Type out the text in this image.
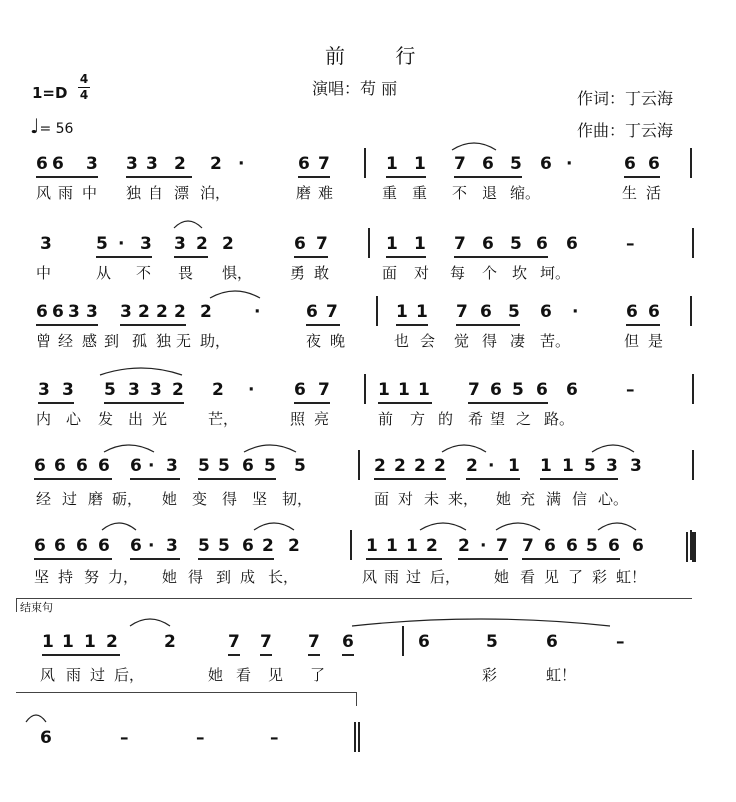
前 行
演唱：苟 丽
1=D
4
4
♩= 56
作词：丁云海
作曲：丁云海
6 6 3 3 3 2 2 ·	6 7	1 1 7 6 5 6 ·	6 6
风 雨 中 独 自 漂 泊，	磨 难	重 重 不 退 缩。	生 活
3	5 · 3 3 2 2	6 7	1 1 7 6 5 6 6	–
中	从 不 畏 惧，	勇 敢	面 对 每 个 坎 坷。
6 6 3 3 3 2 2 2 2 ·	6 7	1 1 7 6 5 6 ·	6 6
曾 经 感 到 孤 独 无 助，	夜 晚	也 会 觉 得 凄 苦。	但 是
3 3 5 3 3 2 2 · 6 7	1 1 1 7 6 5 6 6	–
内 心 发 出 光	芒，	照 亮	前 方 的 希 望 之 路。
6 6 6 6 6 · 3 5 5 6 5 5	2 2 2 2 2 · 1 1 1 5 3 3
经 过 磨 砺， 她 变 得 坚 韧，	面 对 未 来， 她 充 满 信 心。
6 6 6 6 6 · 3 5 5 6 2 2	1 1 1 2 2 · 7 7 6 6 5 6 6
坚 持 努 力， 她 得 到 成 长，	风 雨 过 后， 她 看 见 了 彩 虹！
1 1 1 2	2	7 7 7 6	6	5	6	–
风 雨 过 后，	她 看 见 了	彩	虹！
6	–	–	–
结束句
